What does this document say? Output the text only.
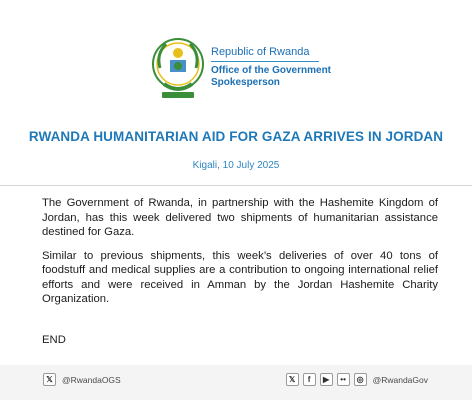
Republic of Rwanda
Office of the Government
Spokesperson
RWANDA HUMANITARIAN AID FOR GAZA ARRIVES IN JORDAN
Kigali, 10 July 2025

The Government of Rwanda, in partnership with the Hashemite Kingdom of Jordan, has this week delivered two shipments of humanitarian assistance destined for Gaza.

Similar to previous shipments, this week’s deliveries of over 40 tons of foodstuff and medical supplies are a contribution to ongoing international relief efforts and were received in Amman by the Jordan Hashemite Charity Organization.

END
𝕏	@RwandaOGS	𝕏	f	▶	••	◎	@RwandaGov
